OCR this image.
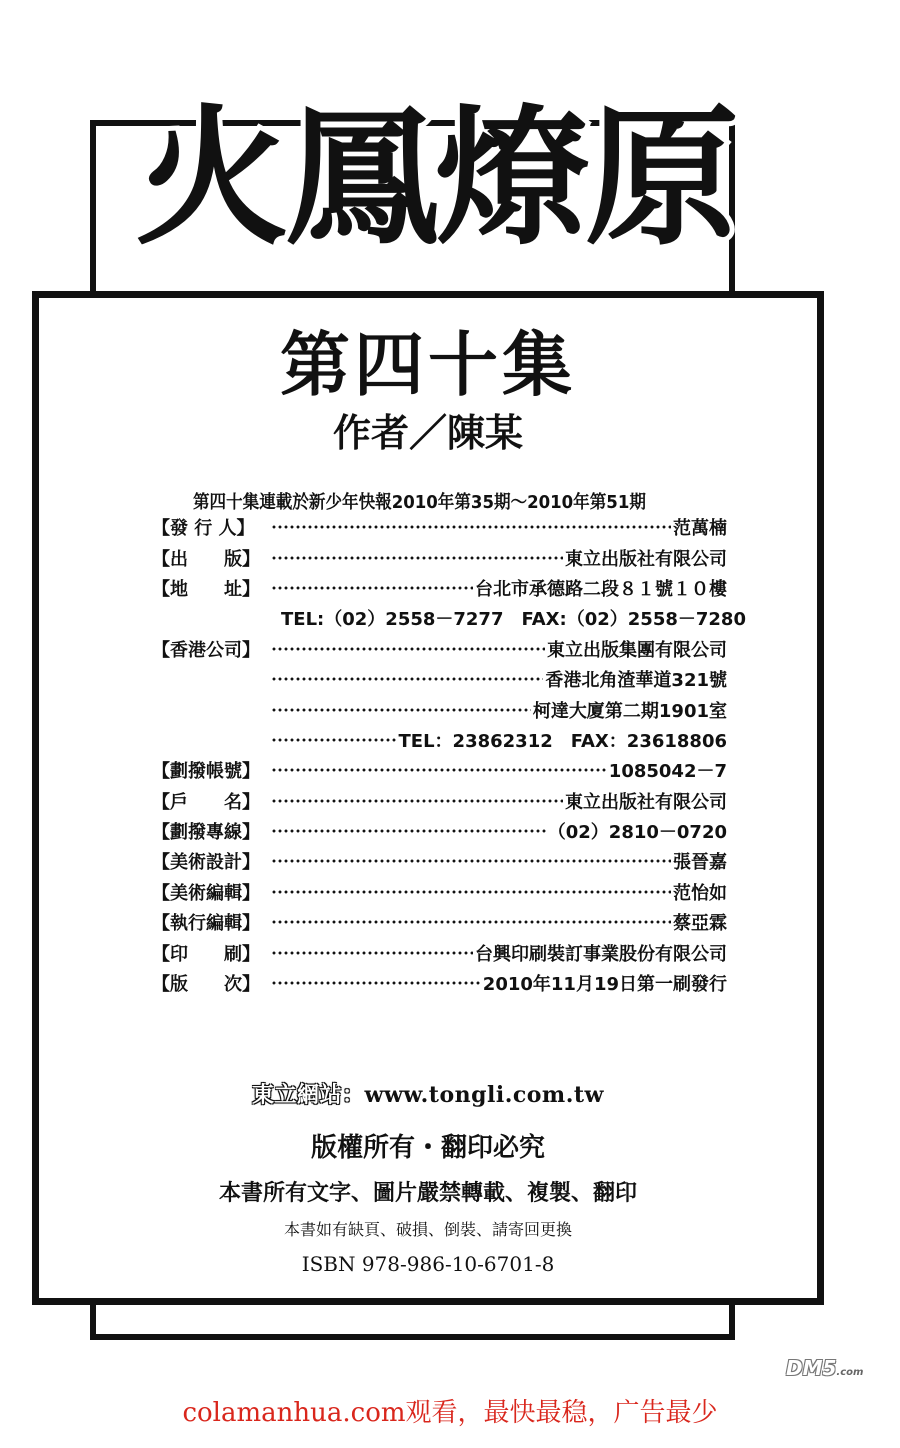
火鳳燎原
第四十集
作者／陳某
第四十集連載於新少年快報2010年第35期～2010年第51期
【發 行 人】	范萬楠
【出　　版】	東立出版社有限公司
【地　　址】	台北市承德路二段８１號１０樓
TEL:（02）2558－7277　FAX:（02）2558－7280
【香港公司】	東立出版集團有限公司
香港北角渣華道321號
柯達大廈第二期1901室
TEL：23862312　FAX：23618806
【劃撥帳號】	1085042－7
【戶　　名】	東立出版社有限公司
【劃撥專線】	（02）2810－0720
【美術設計】	張晉嘉
【美術編輯】	范怡如
【執行編輯】	蔡亞霖
【印　　刷】	台興印刷裝訂事業股份有限公司
【版　　次】	2010年11月19日第一刷發行
東立網站：www.tongli.com.tw
版權所有・翻印必究
本書所有文字、圖片嚴禁轉載、複製、翻印
本書如有缺頁、破損、倒裝、請寄回更換
ISBN 978-986-10-6701-8
DM5.com
colamanhua.com观看，最快最稳，广告最少
